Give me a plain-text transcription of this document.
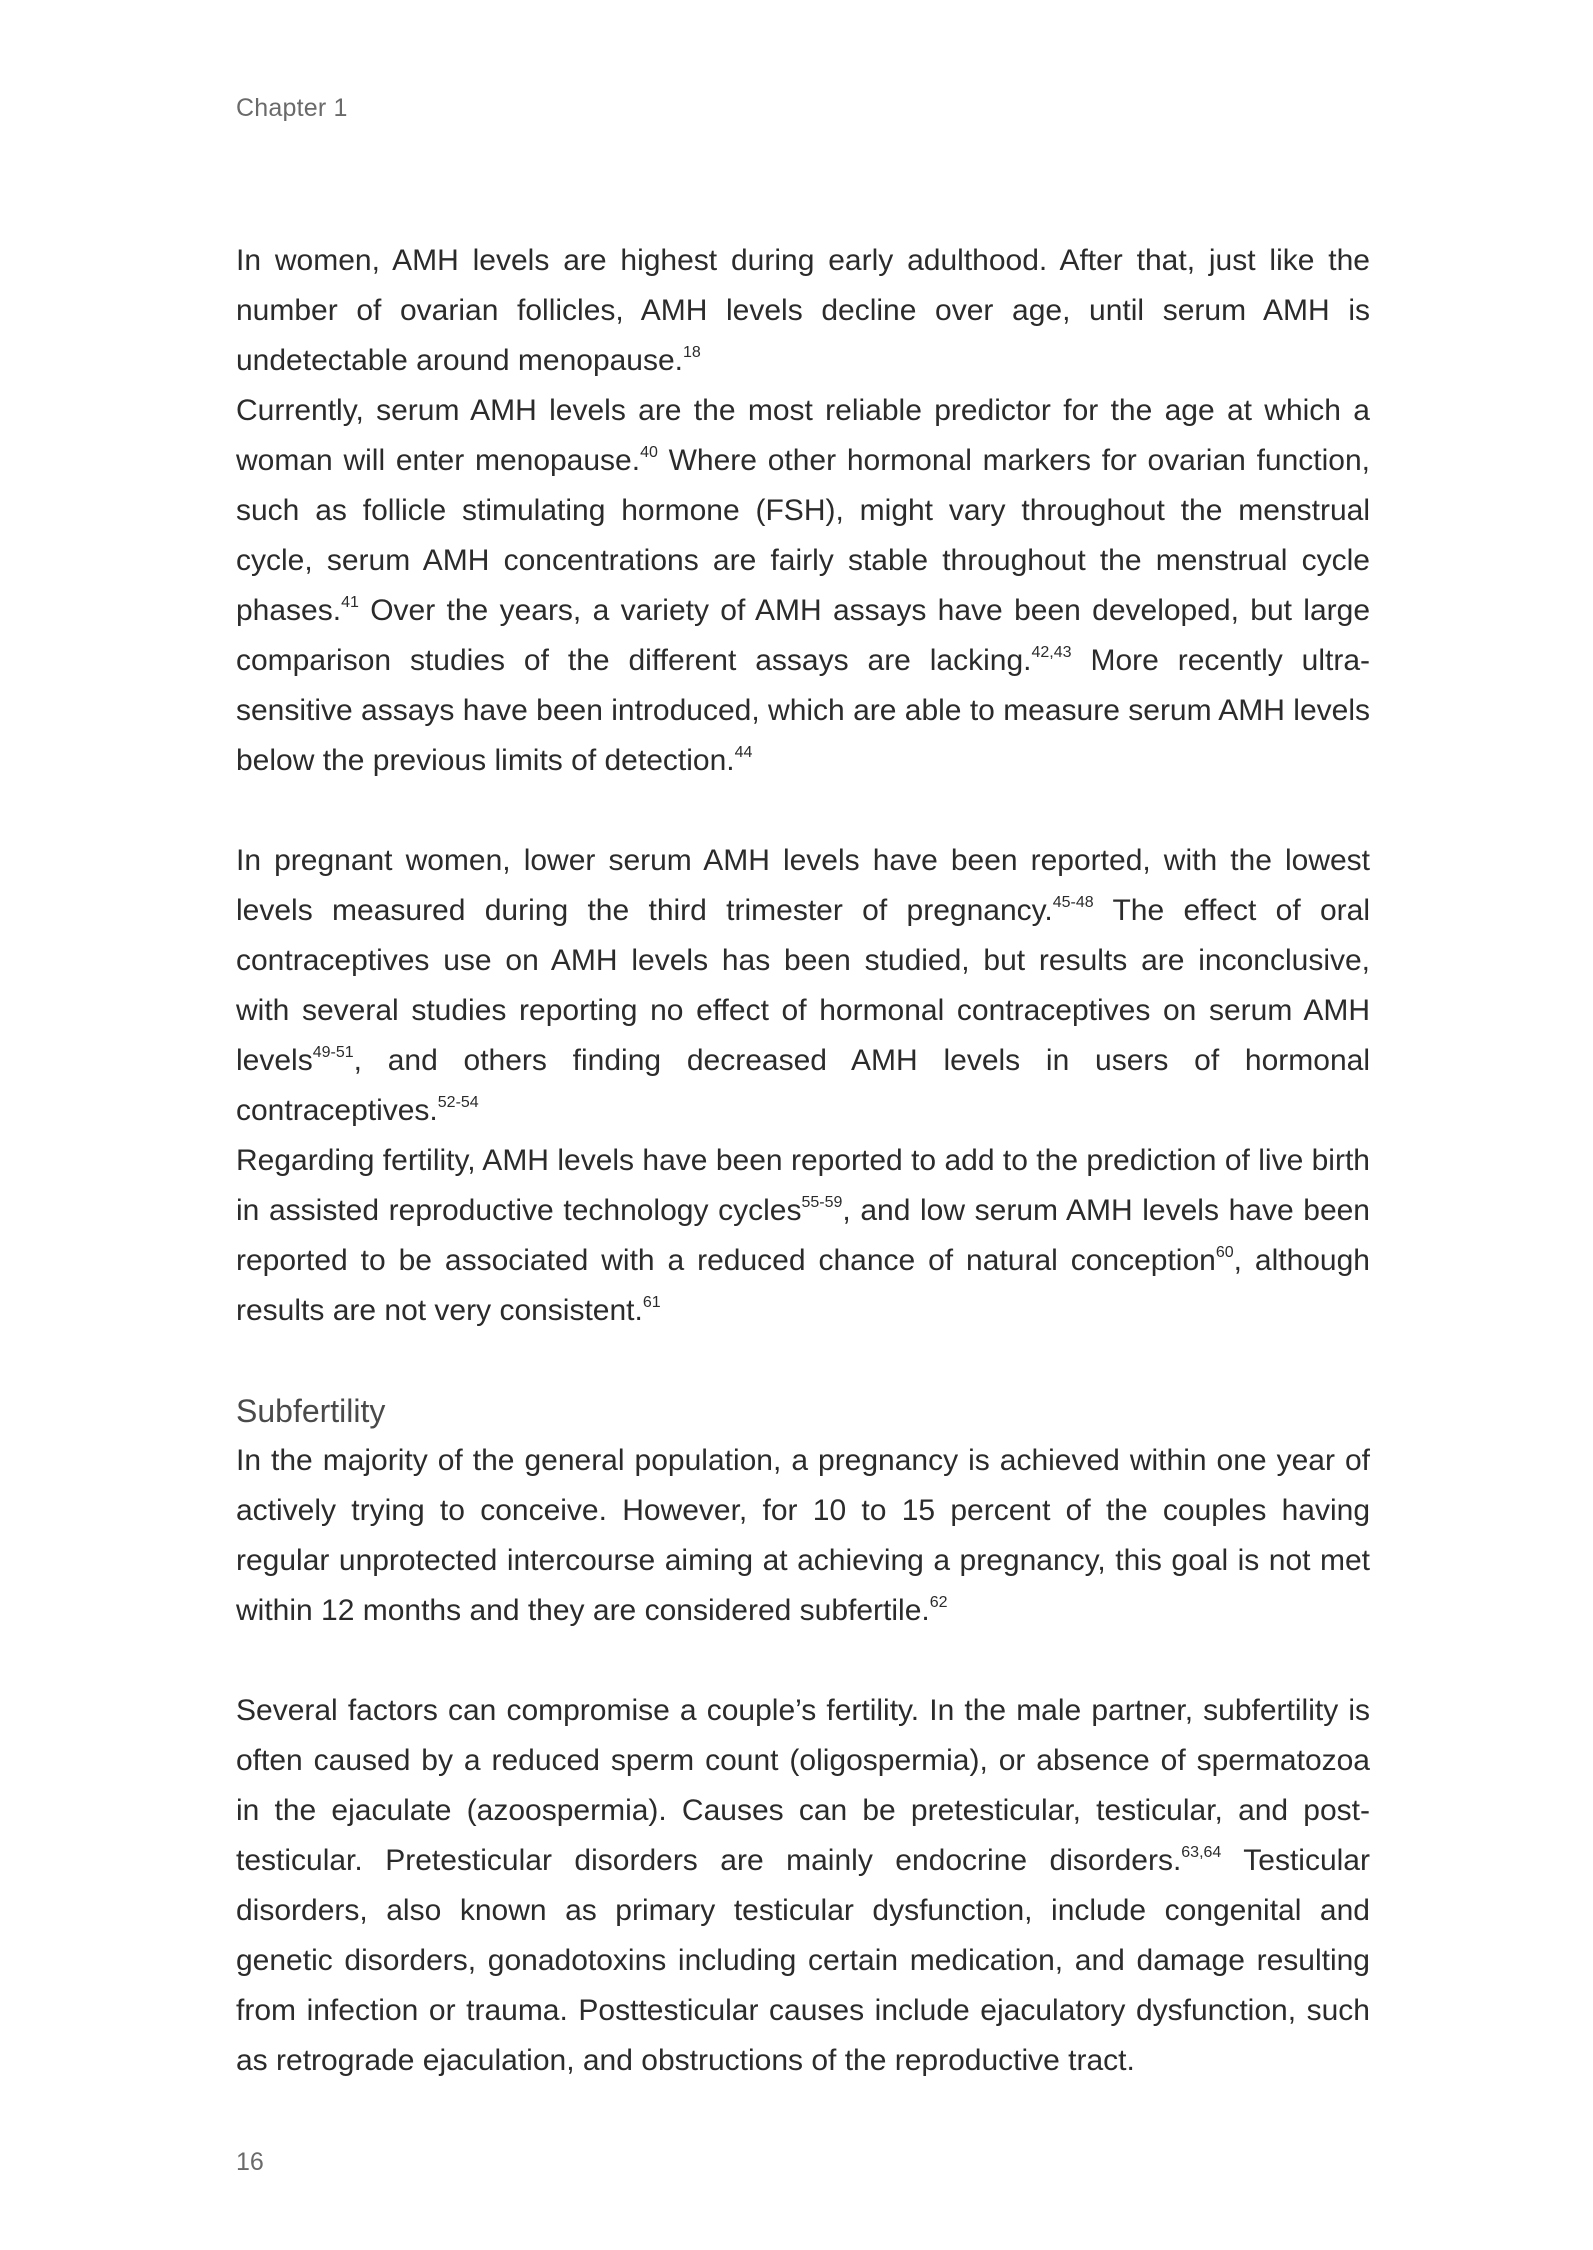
Chapter 1

In women, AMH levels are highest during early adulthood. After that, just like the number of ovarian follicles, AMH levels decline over age, until serum AMH is undetectable around menopause.$^{18}$

Currently, serum AMH levels are the most reliable predictor for the age at which a woman will enter menopause.$^{40}$ Where other hormonal markers for ovarian function, such as follicle stimulating hormone (FSH), might vary throughout the menstrual cycle, serum AMH concentrations are fairly stable throughout the menstrual cycle phases.$^{41}$ Over the years, a variety of AMH assays have been developed, but large comparison studies of the different assays are lacking.$^{42,43}$ More recently ultra-sensitive assays have been introduced, which are able to measure serum AMH levels below the previous limits of detection.$^{44}$

In pregnant women, lower serum AMH levels have been reported, with the lowest levels measured during the third trimester of pregnancy.$^{45-48}$ The effect of oral contraceptives use on AMH levels has been studied, but results are inconclusive, with several studies reporting no effect of hormonal contraceptives on serum AMH levels$^{49-51}$, and others finding decreased AMH levels in users of hormonal contraceptives.$^{52-54}$

Regarding fertility, AMH levels have been reported to add to the prediction of live birth in assisted reproductive technology cycles$^{55-59}$, and low serum AMH levels have been reported to be associated with a reduced chance of natural conception$^{60}$, although results are not very consistent.$^{61}$

Subfertility

In the majority of the general population, a pregnancy is achieved within one year of actively trying to conceive. However, for 10 to 15 percent of the couples having regular unprotected intercourse aiming at achieving a pregnancy, this goal is not met within 12 months and they are considered subfertile.$^{62}$

Several factors can compromise a couple’s fertility. In the male partner, subfertility is often caused by a reduced sperm count (oligospermia), or absence of spermatozoa in the ejaculate (azoospermia). Causes can be pretesticular, testicular, and post-testicular. Pretesticular disorders are mainly endocrine disorders.$^{63,64}$ Testicular disorders, also known as primary testicular dysfunction, include congenital and genetic disorders, gonadotoxins including certain medication, and damage resulting from infection or trauma. Posttesticular causes include ejaculatory dysfunction, such as retrograde ejaculation, and obstructions of the reproductive tract.

16
